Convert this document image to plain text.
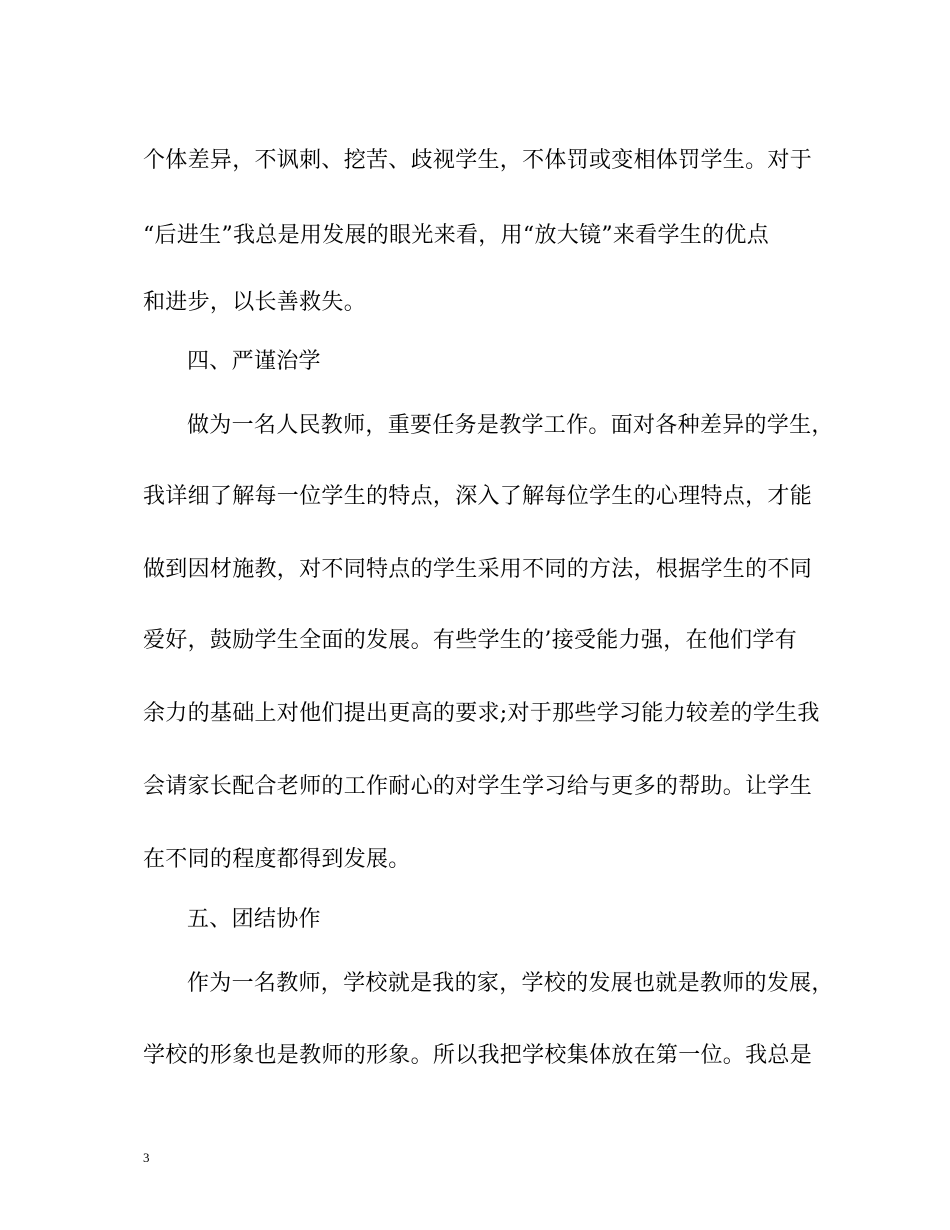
个体差异，不讽刺、挖苦、歧视学生，不体罚或变相体罚学生。对于
“后进生”我总是用发展的眼光来看，用“放大镜”来看学生的优点
和进步，以长善救失。
四、严谨治学
做为一名人民教师，重要任务是教学工作。面对各种差异的学生，
我详细了解每一位学生的特点，深入了解每位学生的心理特点，才能
做到因材施教，对不同特点的学生采用不同的方法，根据学生的不同
爱好，鼓励学生全面的发展。有些学生的’接受能力强，在他们学有
余力的基础上对他们提出更高的要求;对于那些学习能力较差的学生我
会请家长配合老师的工作耐心的对学生学习给与更多的帮助。让学生
在不同的程度都得到发展。
五、团结协作
作为一名教师，学校就是我的家，学校的发展也就是教师的发展，
学校的形象也是教师的形象。所以我把学校集体放在第一位。我总是
3
